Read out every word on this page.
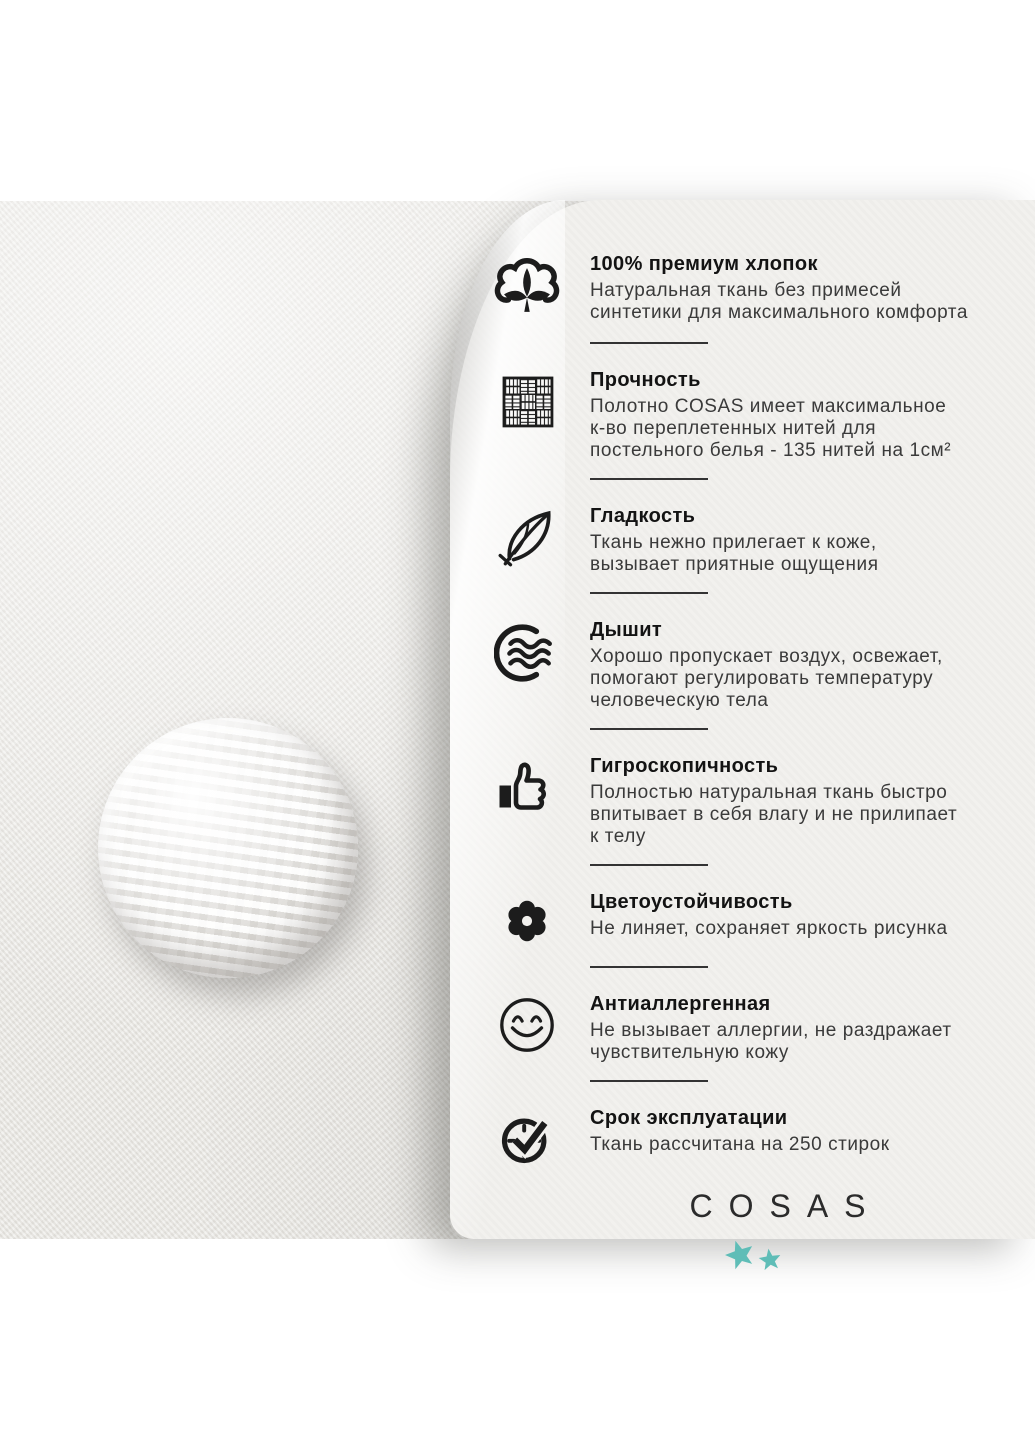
100% премиум хлопок
Натуральная ткань без примесей
синтетики для максимального комфорта
Прочность
Полотно COSAS имеет максимальное
к-во переплетенных нитей для
постельного белья - 135 нитей на 1см²
Гладкость
Ткань нежно прилегает к коже,
вызывает приятные ощущения
Дышит
Хорошо пропускает воздух, освежает,
помогают регулировать температуру
человеческую тела
Гигроскопичность
Полностью натуральная ткань быстро
впитывает в себя влагу и не прилипает
к телу
Цветоустойчивость
Не линяет, сохраняет яркость рисунка
Антиаллергенная
Не вызывает аллергии, не раздражает
чувствительную кожу
Срок эксплуатации
Ткань рассчитана на 250 стирок
COSAS
